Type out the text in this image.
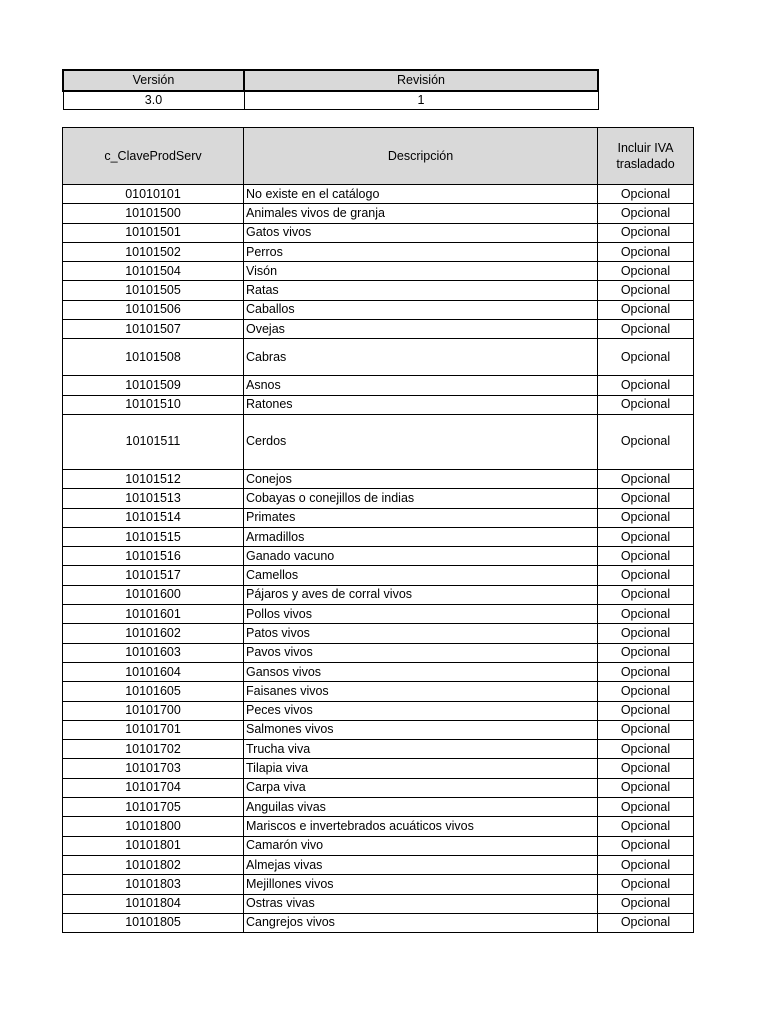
Versión	Revisión
3.0	1
c_ClaveProdServ	Descripción	Incluir IVA trasladado
01010101	No existe en el catálogo	Opcional
10101500	Animales vivos de granja	Opcional
10101501	Gatos vivos	Opcional
10101502	Perros	Opcional
10101504	Visón	Opcional
10101505	Ratas	Opcional
10101506	Caballos	Opcional
10101507	Ovejas	Opcional
10101508	Cabras	Opcional
10101509	Asnos	Opcional
10101510	Ratones	Opcional
10101511	Cerdos	Opcional
10101512	Conejos	Opcional
10101513	Cobayas o conejillos de indias	Opcional
10101514	Primates	Opcional
10101515	Armadillos	Opcional
10101516	Ganado vacuno	Opcional
10101517	Camellos	Opcional
10101600	Pájaros y aves de corral vivos	Opcional
10101601	Pollos vivos	Opcional
10101602	Patos vivos	Opcional
10101603	Pavos vivos	Opcional
10101604	Gansos vivos	Opcional
10101605	Faisanes vivos	Opcional
10101700	Peces vivos	Opcional
10101701	Salmones vivos	Opcional
10101702	Trucha viva	Opcional
10101703	Tilapia viva	Opcional
10101704	Carpa viva	Opcional
10101705	Anguilas vivas	Opcional
10101800	Mariscos e invertebrados acuáticos vivos	Opcional
10101801	Camarón vivo	Opcional
10101802	Almejas vivas	Opcional
10101803	Mejillones vivos	Opcional
10101804	Ostras vivas	Opcional
10101805	Cangrejos vivos	Opcional
